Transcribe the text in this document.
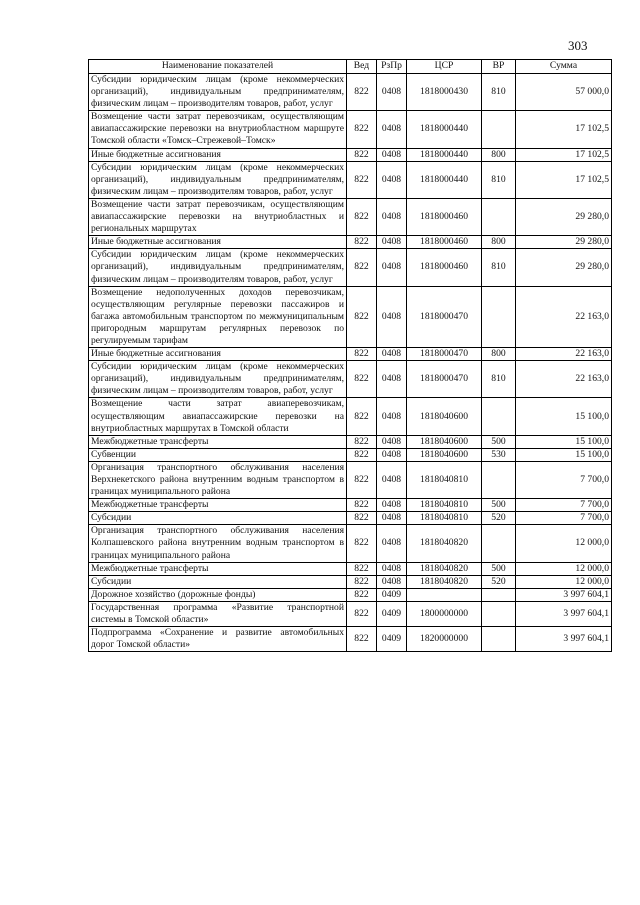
303
Наименование показателей	Вед	РзПр	ЦСР	ВР	Сумма
Субсидии юридическим лицам (кроме некоммерческих организаций), индивидуальным предпринимателям, физическим лицам – производителям товаров, работ, услуг	822	0408	1818000430	810	57 000,0
Возмещение части затрат перевозчикам, осуществляющим авиапассажирские перевозки на внутриобластном маршруте Томской области «Томск–Стрежевой–Томск»	822	0408	1818000440		17 102,5
Иные бюджетные ассигнования	822	0408	1818000440	800	17 102,5
Субсидии юридическим лицам (кроме некоммерческих организаций), индивидуальным предпринимателям, физическим лицам – производителям товаров, работ, услуг	822	0408	1818000440	810	17 102,5
Возмещение части затрат перевозчикам, осуществляющим авиапассажирские перевозки на внутриобластных и региональных маршрутах	822	0408	1818000460		29 280,0
Иные бюджетные ассигнования	822	0408	1818000460	800	29 280,0
Субсидии юридическим лицам (кроме некоммерческих организаций), индивидуальным предпринимателям, физическим лицам – производителям товаров, работ, услуг	822	0408	1818000460	810	29 280,0
Возмещение недополученных доходов перевозчикам, осуществляющим регулярные перевозки пассажиров и багажа автомобильным транспортом по межмуниципальным пригородным маршрутам регулярных перевозок по регулируемым тарифам	822	0408	1818000470		22 163,0
Иные бюджетные ассигнования	822	0408	1818000470	800	22 163,0
Субсидии юридическим лицам (кроме некоммерческих организаций), индивидуальным предпринимателям, физическим лицам – производителям товаров, работ, услуг	822	0408	1818000470	810	22 163,0
Возмещение части затрат авиаперевозчикам, осуществляющим авиапассажирские перевозки на внутриобластных маршрутах в Томской области	822	0408	1818040600		15 100,0
Межбюджетные трансферты	822	0408	1818040600	500	15 100,0
Субвенции	822	0408	1818040600	530	15 100,0
Организация транспортного обслуживания населения Верхнекетского района внутренним водным транспортом в границах муниципального района	822	0408	1818040810		7 700,0
Межбюджетные трансферты	822	0408	1818040810	500	7 700,0
Субсидии	822	0408	1818040810	520	7 700,0
Организация транспортного обслуживания населения Колпашевского района внутренним водным транспортом в границах муниципального района	822	0408	1818040820		12 000,0
Межбюджетные трансферты	822	0408	1818040820	500	12 000,0
Субсидии	822	0408	1818040820	520	12 000,0
Дорожное хозяйство (дорожные фонды)	822	0409			3 997 604,1
Государственная программа «Развитие транспортной системы в Томской области»	822	0409	1800000000		3 997 604,1
Подпрограмма «Сохранение и развитие автомобильных дорог Томской области»	822	0409	1820000000		3 997 604,1
